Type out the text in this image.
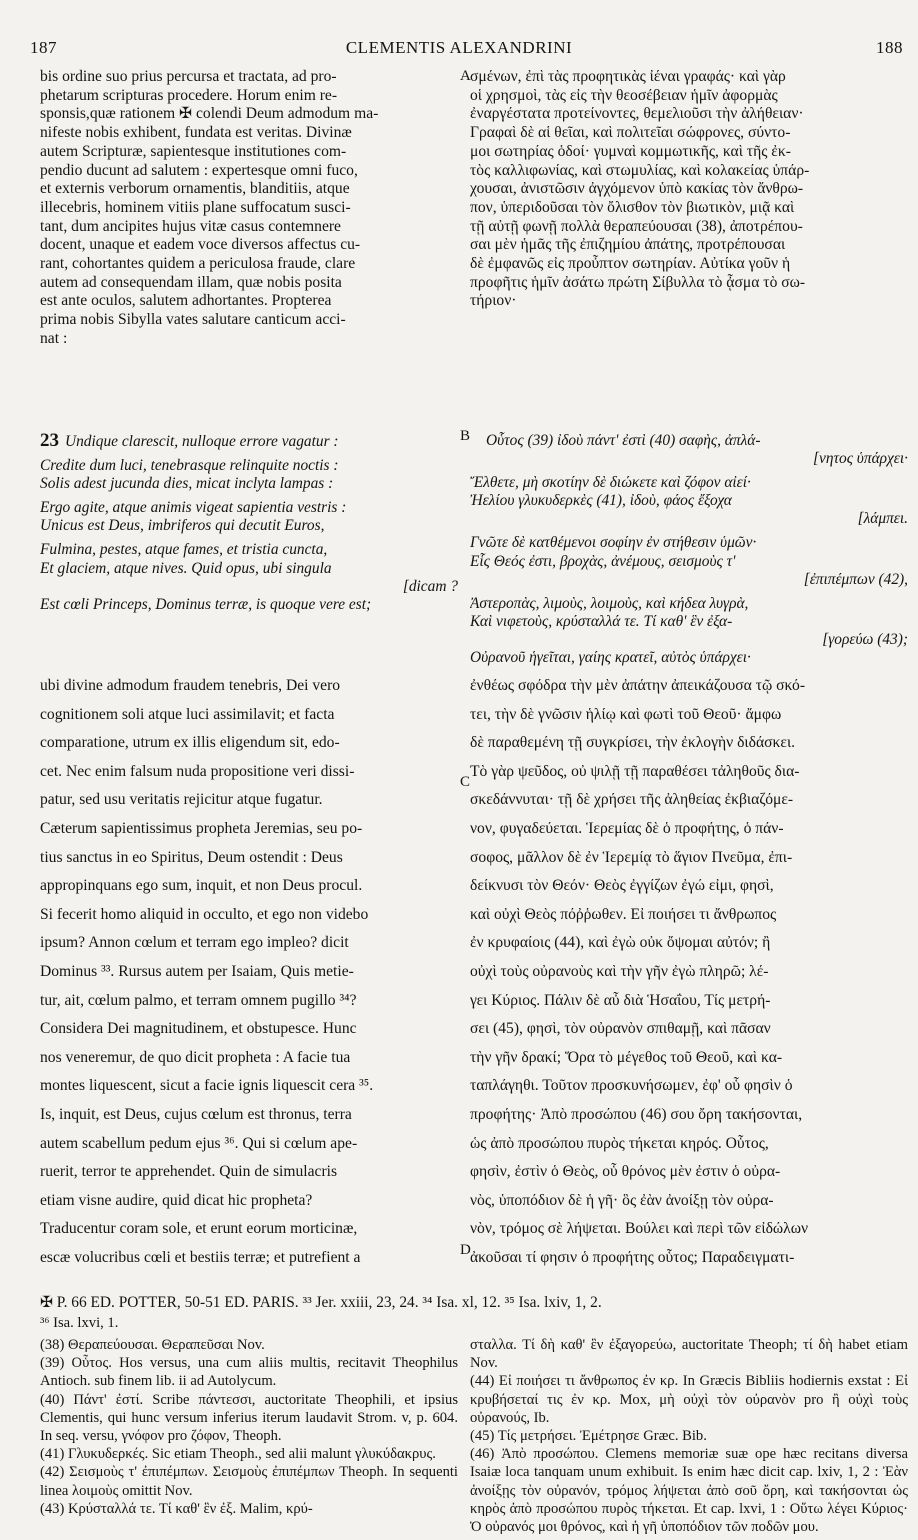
187	CLEMENTIS ALEXANDRINI	188
A
B
C
D

bis ordine suo prius percursa et tractata, ad pro-

phetarum scripturas procedere. Horum enim re-

sponsis,quæ rationem ✠ colendi Deum admodum ma-

nifeste nobis exhibent, fundata est veritas. Divinæ

autem Scripturæ, sapientesque institutiones com-

pendio ducunt ad salutem : expertesque omni fuco,

et externis verborum ornamentis, blanditiis, atque

illecebris, hominem vitiis plane suffocatum susci-

tant, dum ancipites hujus vitæ casus contemnere

docent, unaque et eadem voce diversos affectus cu-

rant, cohortantes quidem a periculosa fraude, clare

autem ad consequendam illam, quæ nobis posita

est ante oculos, salutem adhortantes. Propterea

prima nobis Sibylla vates salutare canticum acci-

nat :

σμένων, ἐπὶ τὰς προφητικὰς ἰέναι γραφάς· καὶ γὰρ

οἱ χρησμοὶ, τὰς εἰς τὴν θεοσέβειαν ἡμῖν ἀφορμὰς

ἐναργέστατα προτείνοντες, θεμελιοῦσι τὴν ἀλήθειαν·

Γραφαὶ δὲ αἱ θεῖαι, καὶ πολιτεῖαι σώφρονες, σύντο-

μοι σωτηρίας ὁδοί· γυμναὶ κομμωτικῆς, καὶ τῆς ἐκ-

τὸς καλλιφωνίας, καὶ στωμυλίας, καὶ κολακείας ὑπάρ-

χουσαι, ἀνιστῶσιν ἀγχόμενον ὑπὸ κακίας τὸν ἄνθρω-

πον, ὑπεριδοῦσαι τὸν ὄλισθον τὸν βιωτικὸν, μιᾷ καὶ

τῇ αὐτῇ φωνῇ πολλὰ θεραπεύουσαι (38), ἀποτρέπου-

σαι μὲν ἡμᾶς τῆς ἐπιζημίου ἀπάτης, προτρέπουσαι

δὲ ἐμφανῶς εἰς προὖπτον σωτηρίαν. Αὐτίκα γοῦν ἡ

προφῆτις ἡμῖν ἀσάτω πρώτη Σίβυλλα τὸ ᾆσμα τὸ σω-

τήριον·

23 Undique clarescit, nulloque errore vagatur :
Credite dum luci, tenebrasque relinquite noctis :
Solis adest jucunda dies, micat inclyta lampas :
Ergo agite, atque animis vigeat sapientia vestris :
Unicus est Deus, imbriferos qui decutit Euros,
Fulmina, pestes, atque fames, et tristia cuncta,
Et glaciem, atque nives. Quid opus, ubi singula
[dicam ?
Est cœli Princeps, Dominus terræ, is quoque vere est;
Οὗτος (39) ἰδοὺ πάντ' ἐστὶ (40) σαφὴς, ἀπλά-
[νητος ὑπάρχει·
Ἔλθετε, μὴ σκοτίην δὲ διώκετε καὶ ζόφον αἰεί·
Ἠελίου γλυκυδερκὲς (41), ἰδοὺ, φάος ἔξοχα
[λάμπει.
Γνῶτε δὲ κατθέμενοι σοφίην ἐν στήθεσιν ὑμῶν·
Εἷς Θεός ἐστι, βροχὰς, ἀνέμους, σεισμοὺς τ'
[ἐπιπέμπων (42),
Ἀστεροπὰς, λιμοὺς, λοιμοὺς, καὶ κήδεα λυγρὰ,
Καὶ νιφετοὺς, κρύσταλλά τε. Τί καθ' ἓν ἐξα-
[γορεύω (43);
Οὐρανοῦ ἡγεῖται, γαίης κρατεῖ, αὐτὸς ὑπάρχει·

ubi divine admodum fraudem tenebris, Dei vero

cognitionem soli atque luci assimilavit; et facta

comparatione, utrum ex illis eligendum sit, edo-

cet. Nec enim falsum nuda propositione veri dissi-

patur, sed usu veritatis rejicitur atque fugatur.

Cæterum sapientissimus propheta Jeremias, seu po-

tius sanctus in eo Spiritus, Deum ostendit : Deus

appropinquans ego sum, inquit, et non Deus procul.

Si fecerit homo aliquid in occulto, et ego non videbo

ipsum? Annon cœlum et terram ego impleo? dicit

Dominus ³³. Rursus autem per Isaiam, Quis metie-

tur, ait, cœlum palmo, et terram omnem pugillo ³⁴?

Considera Dei magnitudinem, et obstupesce. Hunc

nos veneremur, de quo dicit propheta : A facie tua

montes liquescent, sicut a facie ignis liquescit cera ³⁵.

Is, inquit, est Deus, cujus cœlum est thronus, terra

autem scabellum pedum ejus ³⁶. Qui si cœlum ape-

ruerit, terror te apprehendet. Quin de simulacris

etiam visne audire, quid dicat hic propheta?

Traducentur coram sole, et erunt eorum morticinæ,

escæ volucribus cœli et bestiis terræ; et putrefient a

ἐνθέως σφόδρα τὴν μὲν ἀπάτην ἀπεικάζουσα τῷ σκό-

τει, τὴν δὲ γνῶσιν ἡλίῳ καὶ φωτὶ τοῦ Θεοῦ· ἄμφω

δὲ παραθεμένη τῇ συγκρίσει, τὴν ἐκλογὴν διδάσκει.

Τὸ γὰρ ψεῦδος, οὐ ψιλῇ τῇ παραθέσει τἀληθοῦς δια-

σκεδάννυται· τῇ δὲ χρήσει τῆς ἀληθείας ἐκβιαζόμε-

νον, φυγαδεύεται. Ἱερεμίας δὲ ὁ προφήτης, ὁ πάν-

σοφος, μᾶλλον δὲ ἐν Ἱερεμίᾳ τὸ ἅγιον Πνεῦμα, ἐπι-

δείκνυσι τὸν Θεόν· Θεὸς ἐγγίζων ἐγώ εἰμι, φησὶ,

καὶ οὐχὶ Θεὸς πόῤῥωθεν. Εἰ ποιήσει τι ἄνθρωπος

ἐν κρυφαίοις (44), καὶ ἐγὼ οὐκ ὄψομαι αὐτόν; ἢ

οὐχὶ τοὺς οὐρανοὺς καὶ τὴν γῆν ἐγὼ πληρῶ; λέ-

γει Κύριος. Πάλιν δὲ αὖ διὰ Ἡσαΐου, Τίς μετρή-

σει (45), φησὶ, τὸν οὐρανὸν σπιθαμῇ, καὶ πᾶσαν

τὴν γῆν δρακί; Ὅρα τὸ μέγεθος τοῦ Θεοῦ, καὶ κα-

ταπλάγηθι. Τοῦτον προσκυνήσωμεν, ἐφ' οὗ φησὶν ὁ

προφήτης· Ἀπὸ προσώπου (46) σου ὄρη τακήσονται,

ὡς ἀπὸ προσώπου πυρὸς τήκεται κηρός. Οὗτος,

φησὶν, ἐστὶν ὁ Θεὸς, οὗ θρόνος μὲν ἐστιν ὁ οὐρα-

νὸς, ὑποπόδιον δὲ ἡ γῆ· ὃς ἐὰν ἀνοίξῃ τὸν οὐρα-

νὸν, τρόμος σὲ λήψεται. Βούλει καὶ περὶ τῶν εἰδώλων

ἀκοῦσαι τί φησιν ὁ προφήτης οὗτος; Παραδειγματι-

✠ P. 66 ED. POTTER, 50-51 ED. PARIS. ³³ Jer. xxiii, 23, 24. ³⁴ Isa. xl, 12. ³⁵ Isa. lxiv, 1, 2.

³⁶ Isa. lxvi, 1.

(38) Θεραπεύουσαι. Θεραπεῦσαι Nov.

(39) Οὗτος. Hos versus, una cum aliis multis, recitavit Theophilus Antioch. sub finem lib. ii ad Autolycum.

(40) Πάντ' ἐστί. Scribe πάντεσσι, auctoritate Theophili, et ipsius Clementis, qui hunc versum inferius iterum laudavit Strom. v, p. 604. In seq. versu, γνόφον pro ζόφον, Theoph.

(41) Γλυκυδερκές. Sic etiam Theoph., sed alii malunt γλυκύδακρυς.

(42) Σεισμοὺς τ' ἐπιπέμπων. Σεισμοὺς ἐπιπέμπων Theoph. In sequenti linea λοιμοὺς omittit Nov.

(43) Κρύσταλλά τε. Τί καθ' ἓν ἐξ. Malim, κρύ-

σταλλα. Τί δὴ καθ' ἓν ἐξαγορεύω, auctoritate Theoph; τί δὴ habet etiam Nov.

(44) Εἰ ποιήσει τι ἄνθρωπος ἐν κρ. In Græcis Bibliis hodiernis exstat : Εἰ κρυβήσεταί τις ἐν κρ. Mox, μὴ οὐχὶ τὸν οὐρανὸν pro ἢ οὐχὶ τοὺς οὐρανούς, Ib.

(45) Τίς μετρήσει. Ἐμέτρησε Græc. Bib.

(46) Ἀπὸ προσώπου. Clemens memoriæ suæ ope hæc recitans diversa Isaiæ loca tanquam unum exhibuit. Is enim hæc dicit cap. lxiv, 1, 2 : Ἐὰν ἀνοίξῃς τὸν οὐρανόν, τρόμος λήψεται ἀπὸ σοῦ ὄρη, καὶ τακήσονται ὡς κηρὸς ἀπὸ προσώπου πυρὸς τήκεται. Et cap. lxvi, 1 : Οὕτω λέγει Κύριος· Ὁ οὐρανός μοι θρόνος, καὶ ἡ γῆ ὑποπόδιον τῶν ποδῶν μου.
